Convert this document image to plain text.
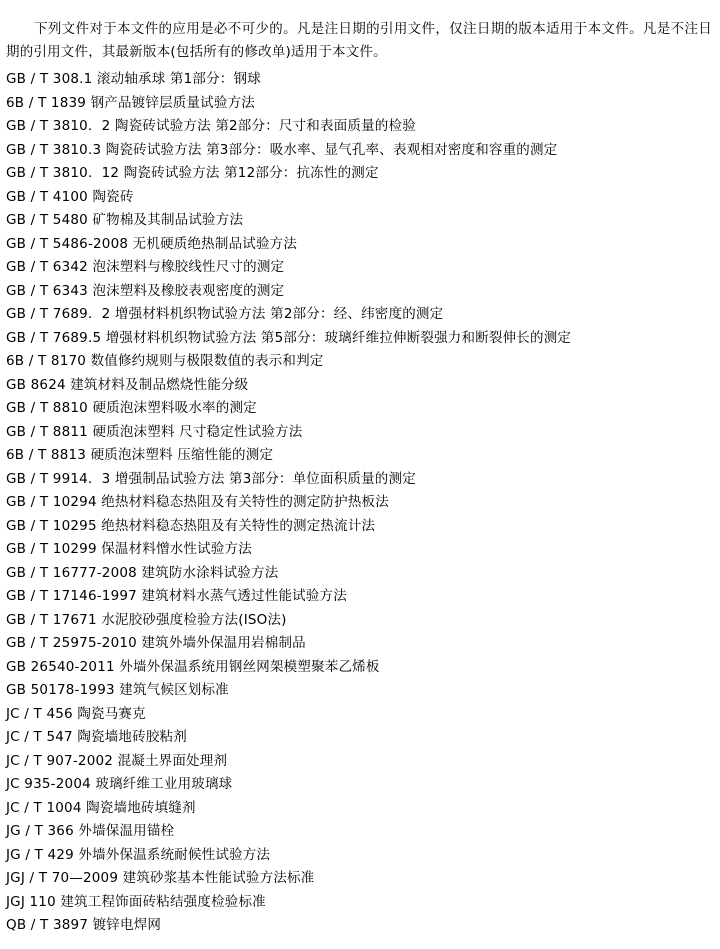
下列文件对于本文件的应用是必不可少的。凡是注日期的引用文件，仅注日期的版本适用于本文件。凡是不注日期的引用文件，其最新版本(包括所有的修改单)适用于本文件。

GB / T 308.1 滚动轴承球 第1部分：钢球
6B / T 1839 钢产品镀锌层质量试验方法
GB / T 3810．2 陶瓷砖试验方法 第2部分：尺寸和表面质量的检验
GB / T 3810.3 陶瓷砖试验方法 第3部分：吸水率、显气孔率、表观相对密度和容重的测定
GB / T 3810．12 陶瓷砖试验方法 第12部分：抗冻性的测定
GB / T 4100 陶瓷砖
GB / T 5480 矿物棉及其制品试验方法
GB / T 5486-2008 无机硬质绝热制品试验方法
GB / T 6342 泡沫塑料与橡胶线性尺寸的测定
GB / T 6343 泡沫塑料及橡胶表观密度的测定
GB / T 7689．2 增强材料机织物试验方法 第2部分：经、纬密度的测定
GB / T 7689.5 增强材料机织物试验方法 第5部分：玻璃纤维拉伸断裂强力和断裂伸长的测定
6B / T 8170 数值修约规则与极限数值的表示和判定
GB 8624 建筑材料及制品燃烧性能分级
GB / T 8810 硬质泡沫塑料吸水率的测定
GB / T 8811 硬质泡沫塑料 尺寸稳定性试验方法
6B / T 8813 硬质泡沫塑料 压缩性能的测定
GB / T 9914．3 增强制品试验方法 第3部分：单位面积质量的测定
GB / T 10294 绝热材料稳态热阻及有关特性的测定防护热板法
GB / T 10295 绝热材料稳态热阻及有关特性的测定热流计法
GB / T 10299 保温材料憎水性试验方法
GB / T 16777-2008 建筑防水涂料试验方法
GB / T 17146-1997 建筑材料水蒸气透过性能试验方法
GB / T 17671 水泥胶砂强度检验方法(ISO法)
GB / T 25975-2010 建筑外墙外保温用岩棉制品
GB 26540-2011 外墙外保温系统用钢丝网架模塑聚苯乙烯板
GB 50178-1993 建筑气候区划标准
JC / T 456 陶瓷马赛克
JC / T 547 陶瓷墙地砖胶粘剂
JC / T 907-2002 混凝土界面处理剂
JC 935-2004 玻璃纤维工业用玻璃球
JC / T 1004 陶瓷墙地砖填缝剂
JG / T 366 外墙保温用锚栓
JG / T 429 外墙外保温系统耐候性试验方法
JGJ / T 70—2009 建筑砂浆基本性能试验方法标准
JGJ 110 建筑工程饰面砖粘结强度检验标准
QB / T 3897 镀锌电焊网
